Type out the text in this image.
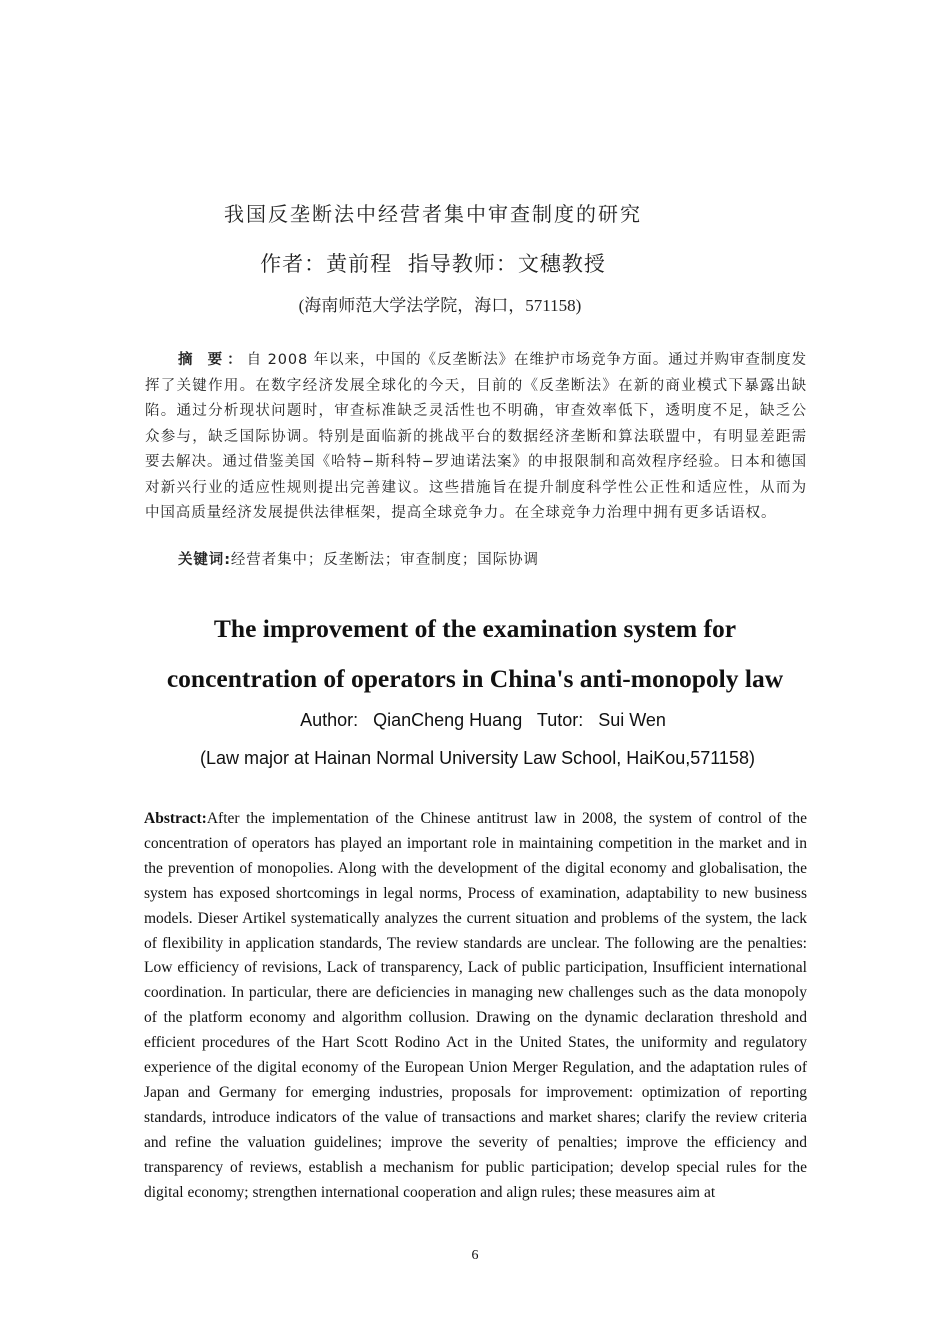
我国反垄断法中经营者集中审查制度的研究
作者：黄前程 指导教师：文穗教授
(海南师范大学法学院，海口，571158)
摘 要：自 2008 年以来，中国的《反垄断法》在维护市场竞争方面。通过并购审查制度发挥了关键作用。在数字经济发展全球化的今天，目前的《反垄断法》在新的商业模式下暴露出缺陷。通过分析现状问题时，审查标准缺乏灵活性也不明确，审查效率低下，透明度不足，缺乏公众参与，缺乏国际协调。特别是面临新的挑战平台的数据经济垄断和算法联盟中，有明显差距需要去解决。通过借鉴美国《哈特−斯科特−罗迪诺法案》的申报限制和高效程序经验。日本和德国对新兴行业的适应性规则提出完善建议。这些措施旨在提升制度科学性公正性和适应性，从而为中国高质量经济发展提供法律框架，提高全球竞争力。在全球竞争力治理中拥有更多话语权。
关键词:经营者集中；反垄断法；审查制度；国际协调
The improvement of the examination system for
concentration of operators in China's anti-monopoly law
Author:   QianCheng Huang   Tutor:   Sui Wen
(Law major at Hainan Normal University Law School, HaiKou,571158)
Abstract:After the implementation of the Chinese antitrust law in 2008, the system of control of the concentration of operators has played an important role in maintaining competition in the market and in the prevention of monopolies. Along with the development of the digital economy and globalisation, the system has exposed shortcomings in legal norms, Process of examination, adaptability to new business models. Dieser Artikel systematically analyzes the current situation and problems of the system, the lack of flexibility in application standards, The review standards are unclear. The following are the penalties: Low efficiency of revisions, Lack of transparency, Lack of public participation, Insufficient international coordination. In particular, there are deficiencies in managing new challenges such as the data monopoly of the platform economy and algorithm collusion. Drawing on the dynamic declaration threshold and efficient procedures of the Hart Scott Rodino Act in the United States, the uniformity and regulatory experience of the digital economy of the European Union Merger Regulation, and the adaptation rules of Japan and Germany for emerging industries, proposals for improvement: optimization of reporting standards, introduce indicators of the value of transactions and market shares; clarify the review criteria and refine the valuation guidelines; improve the severity of penalties; improve the efficiency and transparency of reviews, establish a mechanism for public participation; develop special rules for the digital economy; strengthen international cooperation and align rules; these measures aim at
6
